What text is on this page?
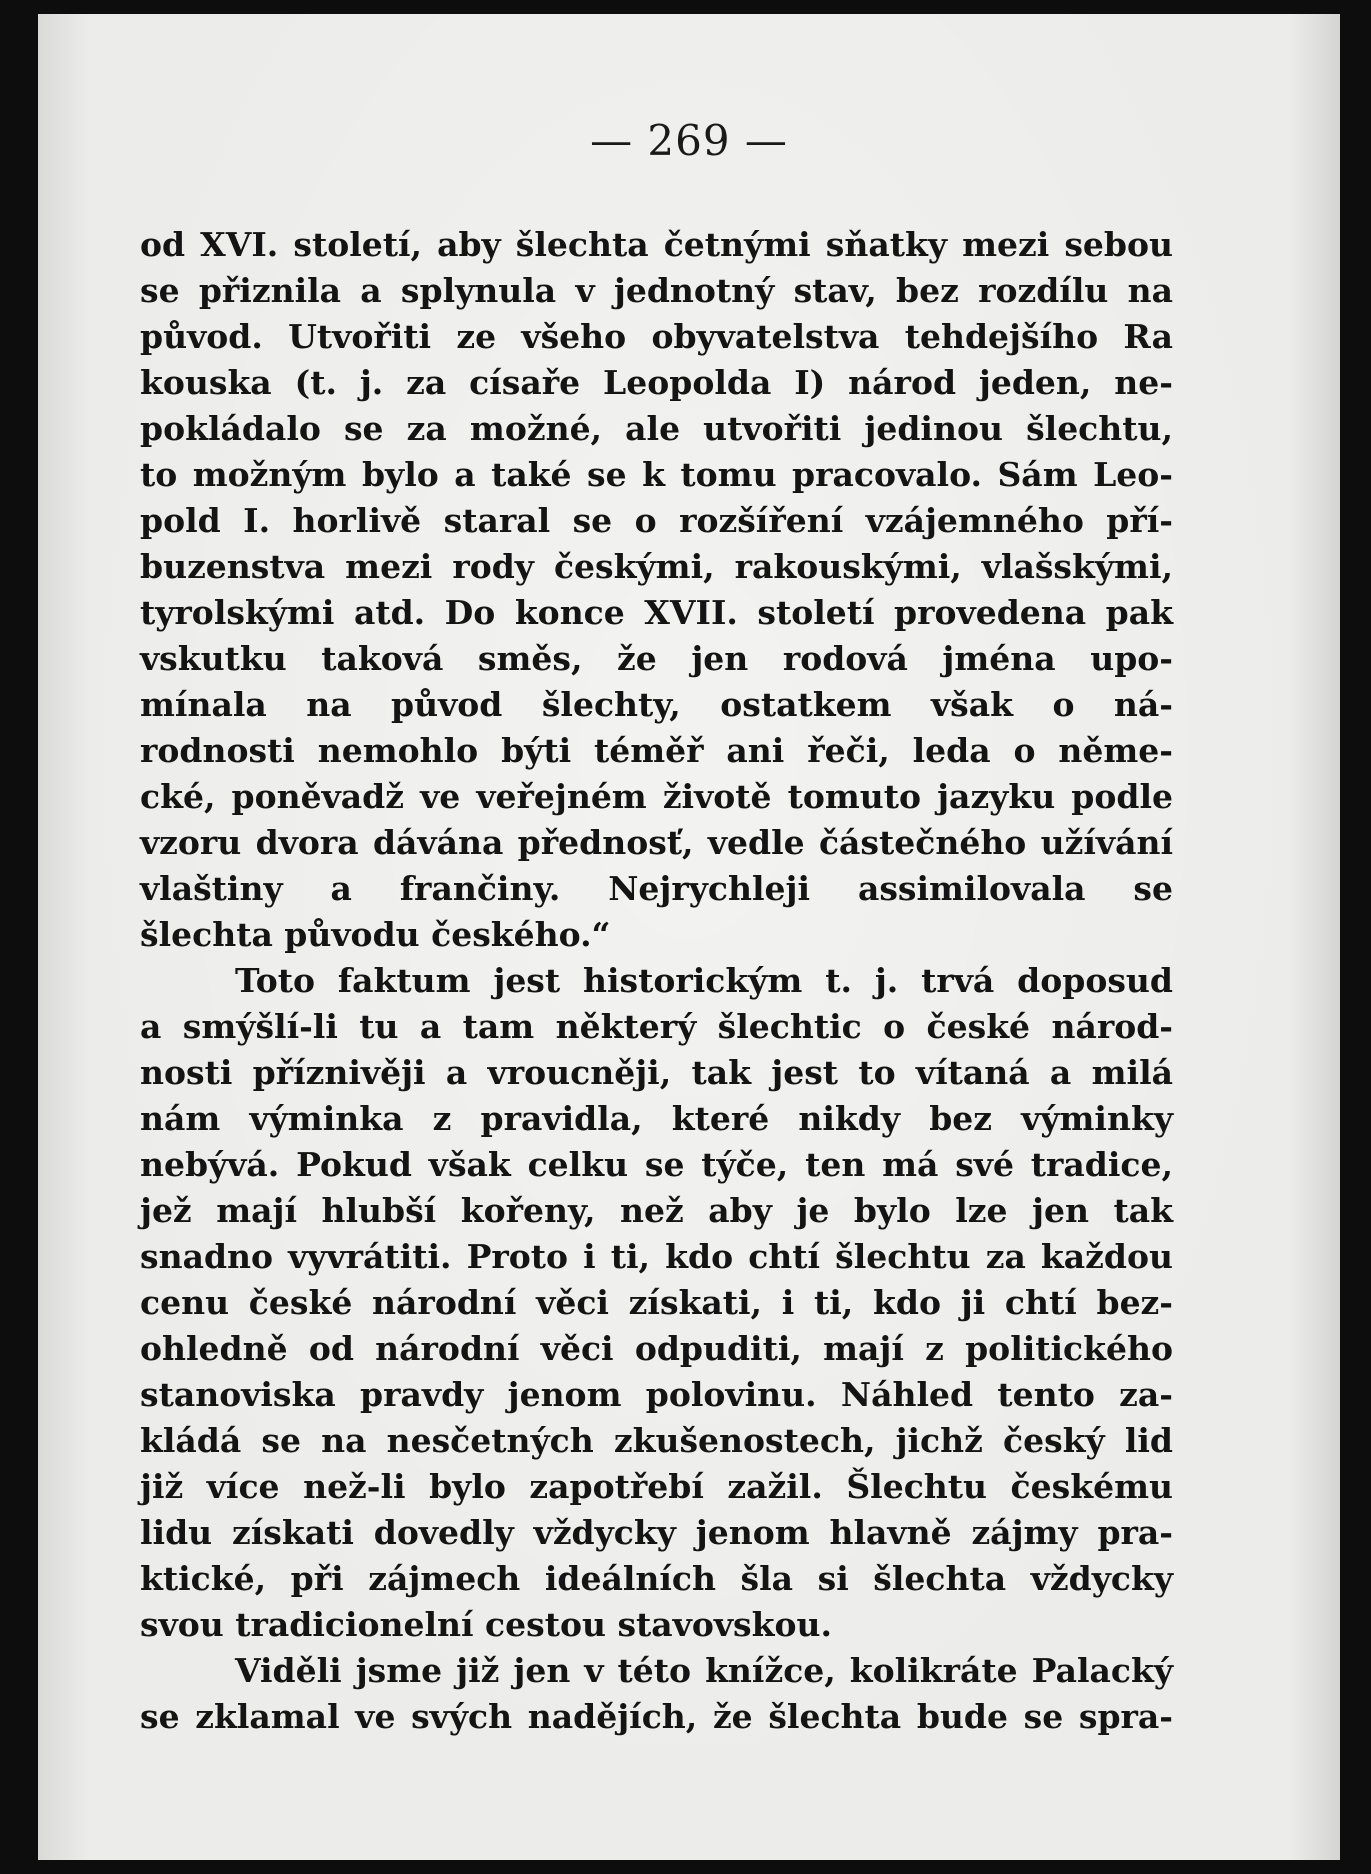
— 269 —
od XVI. století, aby šlechta četnými sňatky mezi sebou
se přiznila a splynula v jednotný stav, bez rozdílu na
původ. Utvořiti ze všeho obyvatelstva tehdejšího Ra
kouska (t. j. za císaře Leopolda I) národ jeden, ne-
pokládalo se za možné, ale utvořiti jedinou šlechtu,
to možným bylo a také se k tomu pracovalo. Sám Leo-
pold I. horlivě staral se o rozšíření vzájemného pří-
buzenstva mezi rody českými, rakouskými, vlašskými,
tyrolskými atd. Do konce XVII. století provedena pak
vskutku taková směs, že jen rodová jména upo-
mínala na původ šlechty, ostatkem však o ná-
rodnosti nemohlo býti téměř ani řeči, leda o něme-
cké, poněvadž ve veřejném životě tomuto jazyku podle
vzoru dvora dávána přednosť, vedle částečného užívání
vlaštiny a frančiny. Nejrychleji assimilovala se
šlechta původu českého.“
Toto faktum jest historickým t. j. trvá doposud
a smýšlí-li tu a tam některý šlechtic o české národ-
nosti příznivěji a vroucněji, tak jest to vítaná a milá
nám výminka z pravidla, které nikdy bez výminky
nebývá. Pokud však celku se týče, ten má své tradice,
jež mají hlubší kořeny, než aby je bylo lze jen tak
snadno vyvrátiti. Proto i ti, kdo chtí šlechtu za každou
cenu české národní věci získati, i ti, kdo ji chtí bez-
ohledně od národní věci odpuditi, mají z politického
stanoviska pravdy jenom polovinu. Náhled tento za-
kládá se na nesčetných zkušenostech, jichž český lid
již více než-li bylo zapotřebí zažil. Šlechtu českému
lidu získati dovedly vždycky jenom hlavně zájmy pra-
ktické, při zájmech ideálních šla si šlechta vždycky
svou tradicionelní cestou stavovskou.
Viděli jsme již jen v této knížce, kolikráte Palacký
se zklamal ve svých nadějích, že šlechta bude se spra-
